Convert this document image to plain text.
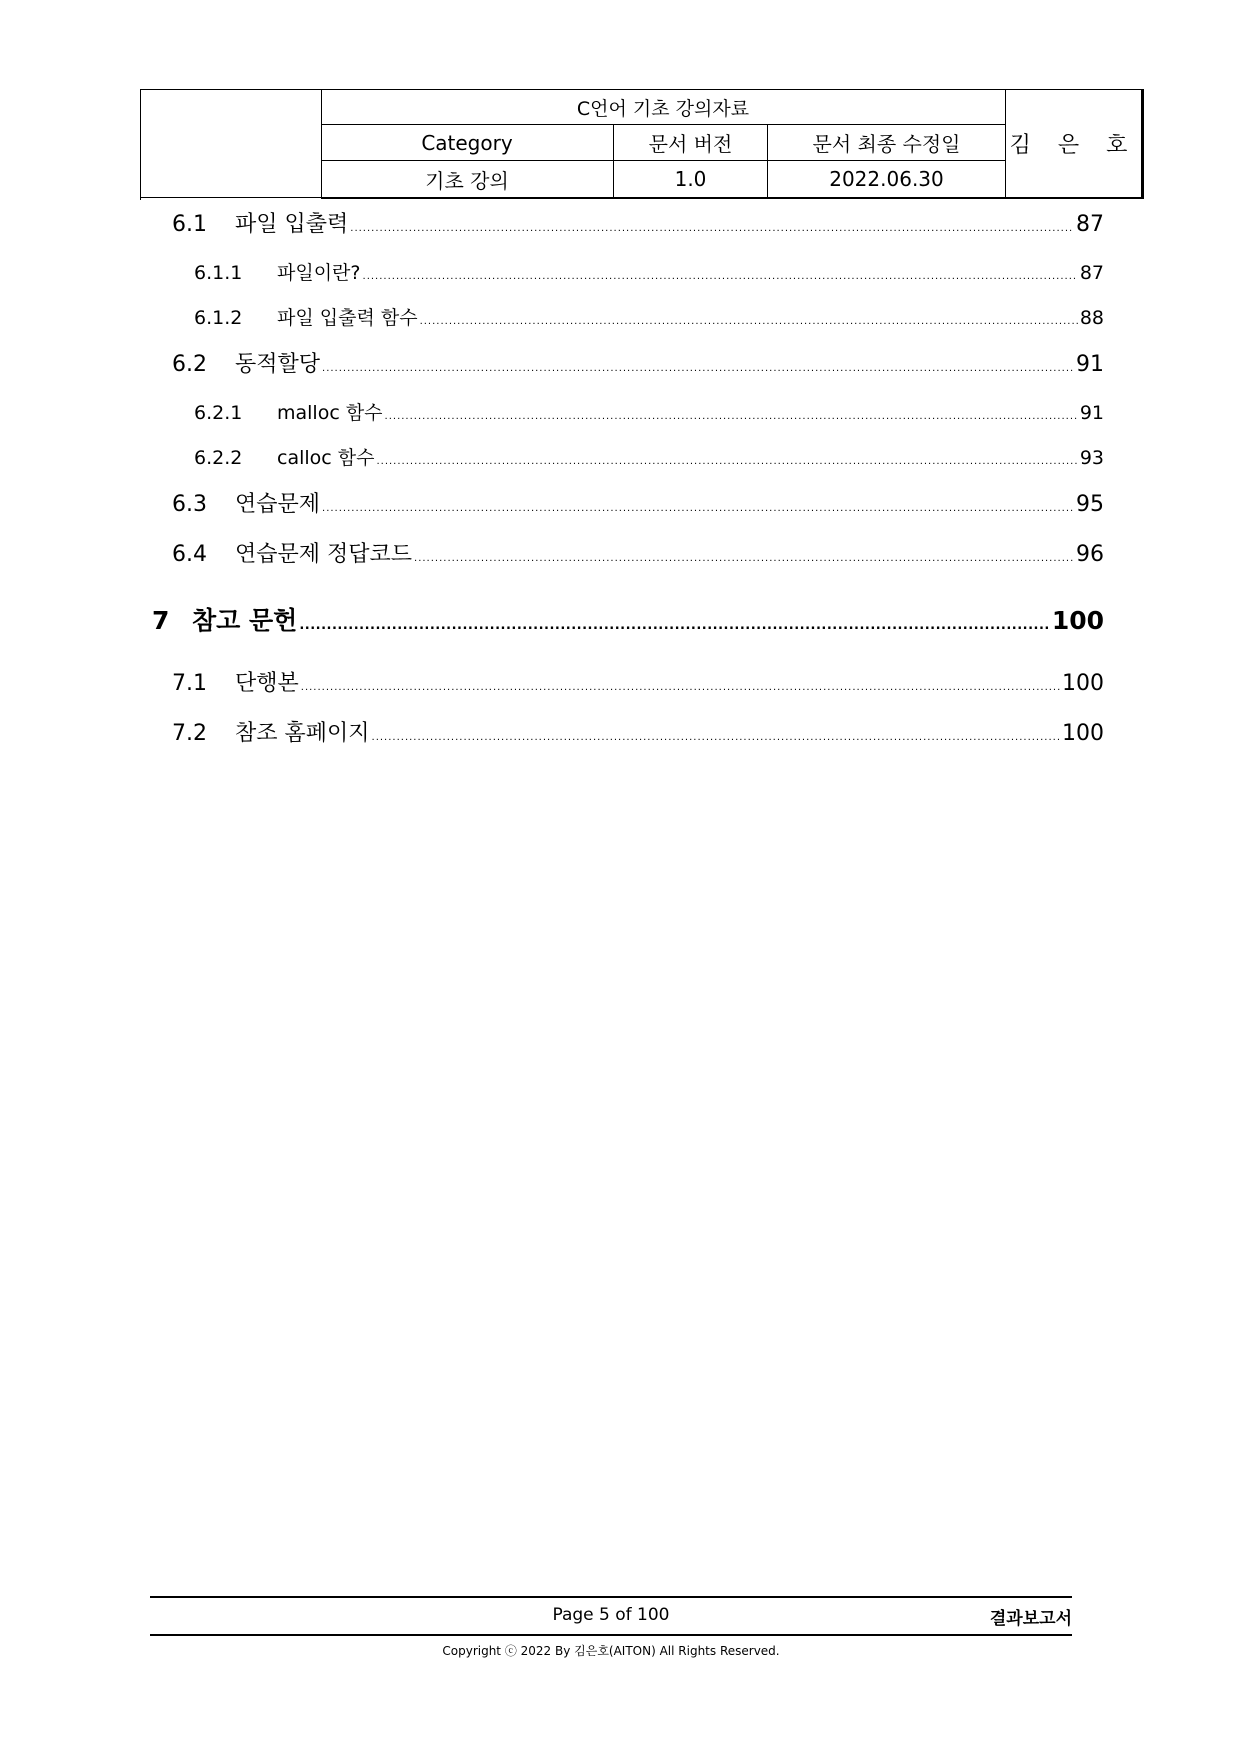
C언어 기초 강의자료
Category	문서 버전	문서 최종 수정일
기초 강의	1.0	2022.06.30
김 은 호
6.1	파일 입출력 .....	87
6.1.1	파일이란? .....	87
6.1.2	파일 입출력 함수 .....	88
6.2	동적할당 .....	91
6.2.1	malloc 함수 .....	91
6.2.2	calloc 함수 .....	93
6.3	연습문제 .....	95
6.4	연습문제 정답코드 .....	96
7 참고 문헌 .....	100
7.1	단행본 .....	100
7.2	참조 홈페이지 .....	100
Page 5 of 100	결과보고서
Copyright ⓒ 2022 By 김은호(AITON) All Rights Reserved.
